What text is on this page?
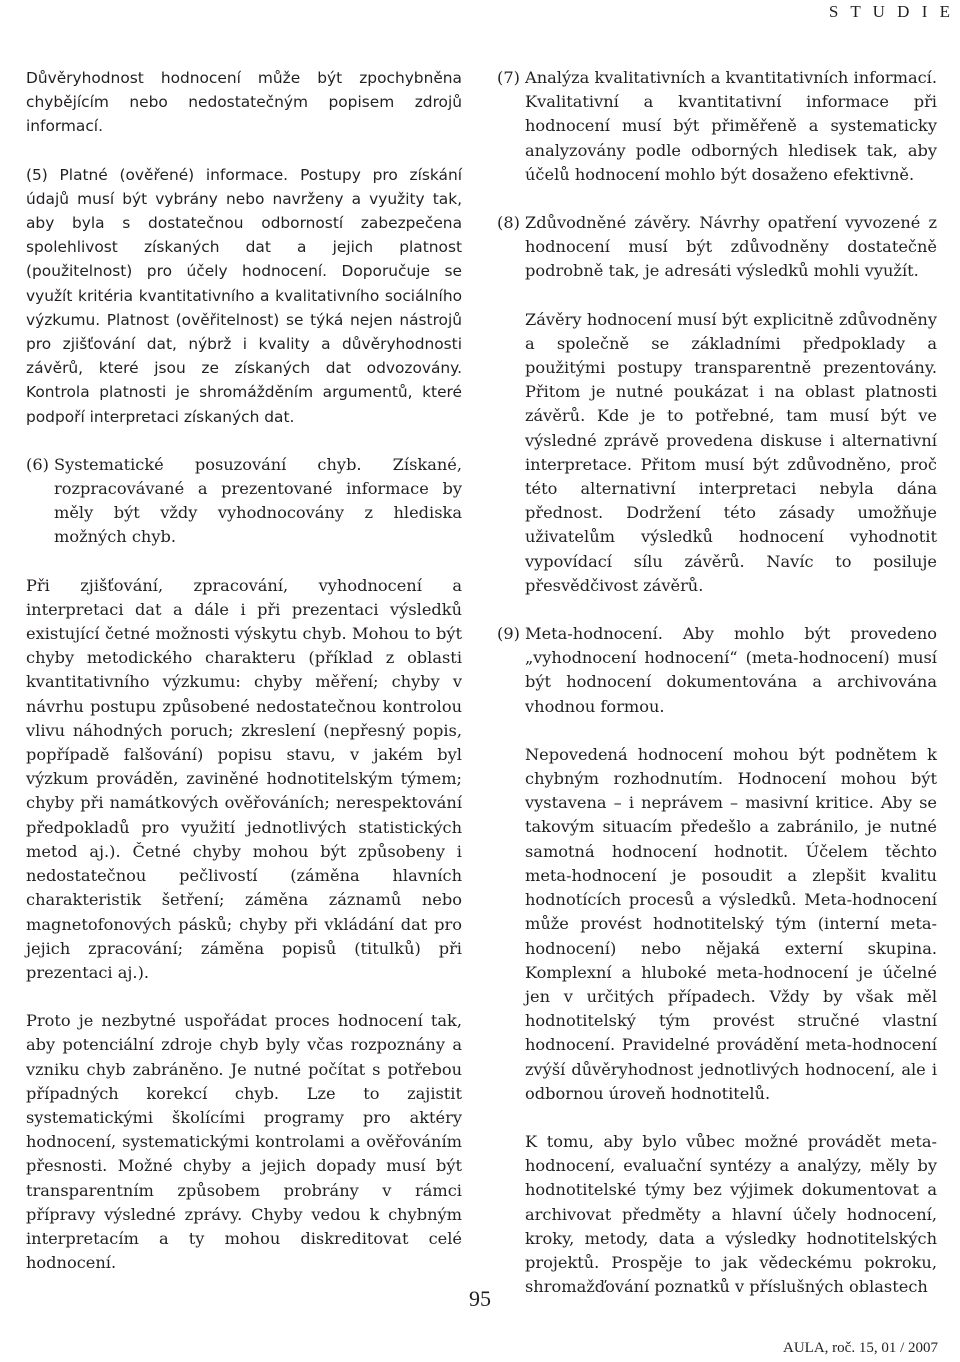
S T U D I E

Důvěryhodnost hodnocení může být zpochybněna chybějícím nebo nedostatečným popisem zdrojů informací.

(5) Platné (ověřené) informace. Postupy pro získání údajů musí být vybrány nebo navrženy a využity tak, aby byla s dostatečnou odborností zabezpečena spolehlivost získaných dat a jejich platnost (použitelnost) pro účely hodnocení. Doporučuje se využít kritéria kvantitativního a kvalitativního sociálního výzkumu. Platnost (ověřitelnost) se týká nejen nástrojů pro zjišťování dat, nýbrž i kvality a důvěryhodnosti závěrů, které jsou ze získaných dat odvozovány. Kontrola platnosti je shromážděním argumentů, které podpoří interpretaci získaných dat.

(6) Systematické posuzování chyb. Získané, rozpracovávané a prezentované informace by měly být vždy vyhodnocovány z hlediska možných chyb.

Při zjišťování, zpracování, vyhodnocení a interpretaci dat a dále i při prezentaci výsledků existující četné možnosti výskytu chyb. Mohou to být chyby metodického charakteru (příklad z oblasti kvantitativního výzkumu: chyby měření; chyby v návrhu postupu způsobené nedostatečnou kontrolou vlivu náhodných poruch; zkreslení (nepřesný popis, popřípadě falšování) popisu stavu, v jakém byl výzkum prováděn, zaviněné hodnotitelským týmem; chyby při namátkových ověřováních; nerespektování předpokladů pro využití jednotlivých statistických metod aj.). Četné chyby mohou být způsobeny i nedostatečnou pečlivostí (záměna hlavních charakteristik šetření; záměna záznamů nebo magnetofonových pásků; chyby při vkládání dat pro jejich zpracování; záměna popisů (titulků) při prezentaci aj.).

Proto je nezbytné uspořádat proces hodnocení tak, aby potenciální zdroje chyb byly včas rozpoznány a vzniku chyb zabráněno. Je nutné počítat s potřebou případných korekcí chyb. Lze to zajistit systematickými školícími programy pro aktéry hodnocení, systematickými kontrolami a ověřováním přesnosti. Možné chyby a jejich dopady musí být transparentním způsobem probrány v rámci přípravy výsledné zprávy. Chyby vedou k chybným interpretacím a ty mohou diskreditovat celé hodnocení.

(7) Analýza kvalitativních a kvantitativních informací. Kvalitativní a kvantitativní informace při hodnocení musí být přiměřeně a systematicky analyzovány podle odborných hledisek tak, aby účelů hodnocení mohlo být dosaženo efektivně.
(8) Zdůvodněné závěry. Návrhy opatření vyvozené z hodnocení musí být zdůvodněny dostatečně podrobně tak, je adresáti výsledků mohli využít.

Závěry hodnocení musí být explicitně zdůvodněny a společně se základními předpoklady a použitými postupy transparentně prezentovány. Přitom je nutné poukázat i na oblast platnosti závěrů. Kde je to potřebné, tam musí být ve výsledné zprávě provedena diskuse i alternativní interpretace. Přitom musí být zdůvodněno, proč této alternativní interpretaci nebyla dána přednost. Dodržení této zásady umožňuje uživatelům výsledků hodnocení vyhodnotit vypovídací sílu závěrů. Navíc to posiluje přesvědčivost závěrů.

(9) Meta-hodnocení. Aby mohlo být provedeno „vyhodnocení hodnocení“ (meta-hodnocení) musí být hodnocení dokumentována a archivována vhodnou formou.

Nepovedená hodnocení mohou být podnětem k chybným rozhodnutím. Hodnocení mohou být vystavena – i neprávem – masivní kritice. Aby se takovým situacím předešlo a zabránilo, je nutné samotná hodnocení hodnotit. Účelem těchto meta-hodnocení je posoudit a zlepšit kvalitu hodnotících procesů a výsledků. Meta-hodnocení může provést hodnotitelský tým (interní meta-hodnocení) nebo nějaká externí skupina. Komplexní a hluboké meta-hodnocení je účelné jen v určitých případech. Vždy by však měl hodnotitelský tým provést stručné vlastní hodnocení. Pravidelné provádění meta-hodnocení zvýší důvěryhodnost jednotlivých hodnocení, ale i odbornou úroveň hodnotitelů.

K tomu, aby bylo vůbec možné provádět meta-hodnocení, evaluační syntézy a analýzy, měly by hodnotitelské týmy bez výjimek dokumentovat a archivovat předměty a hlavní účely hodnocení, kroky, metody, data a výsledky hodnotitelských projektů. Prospěje to jak vědeckému pokroku, shromažďování poznatků v příslušných oblastech

95
AULA, roč. 15, 01 / 2007
